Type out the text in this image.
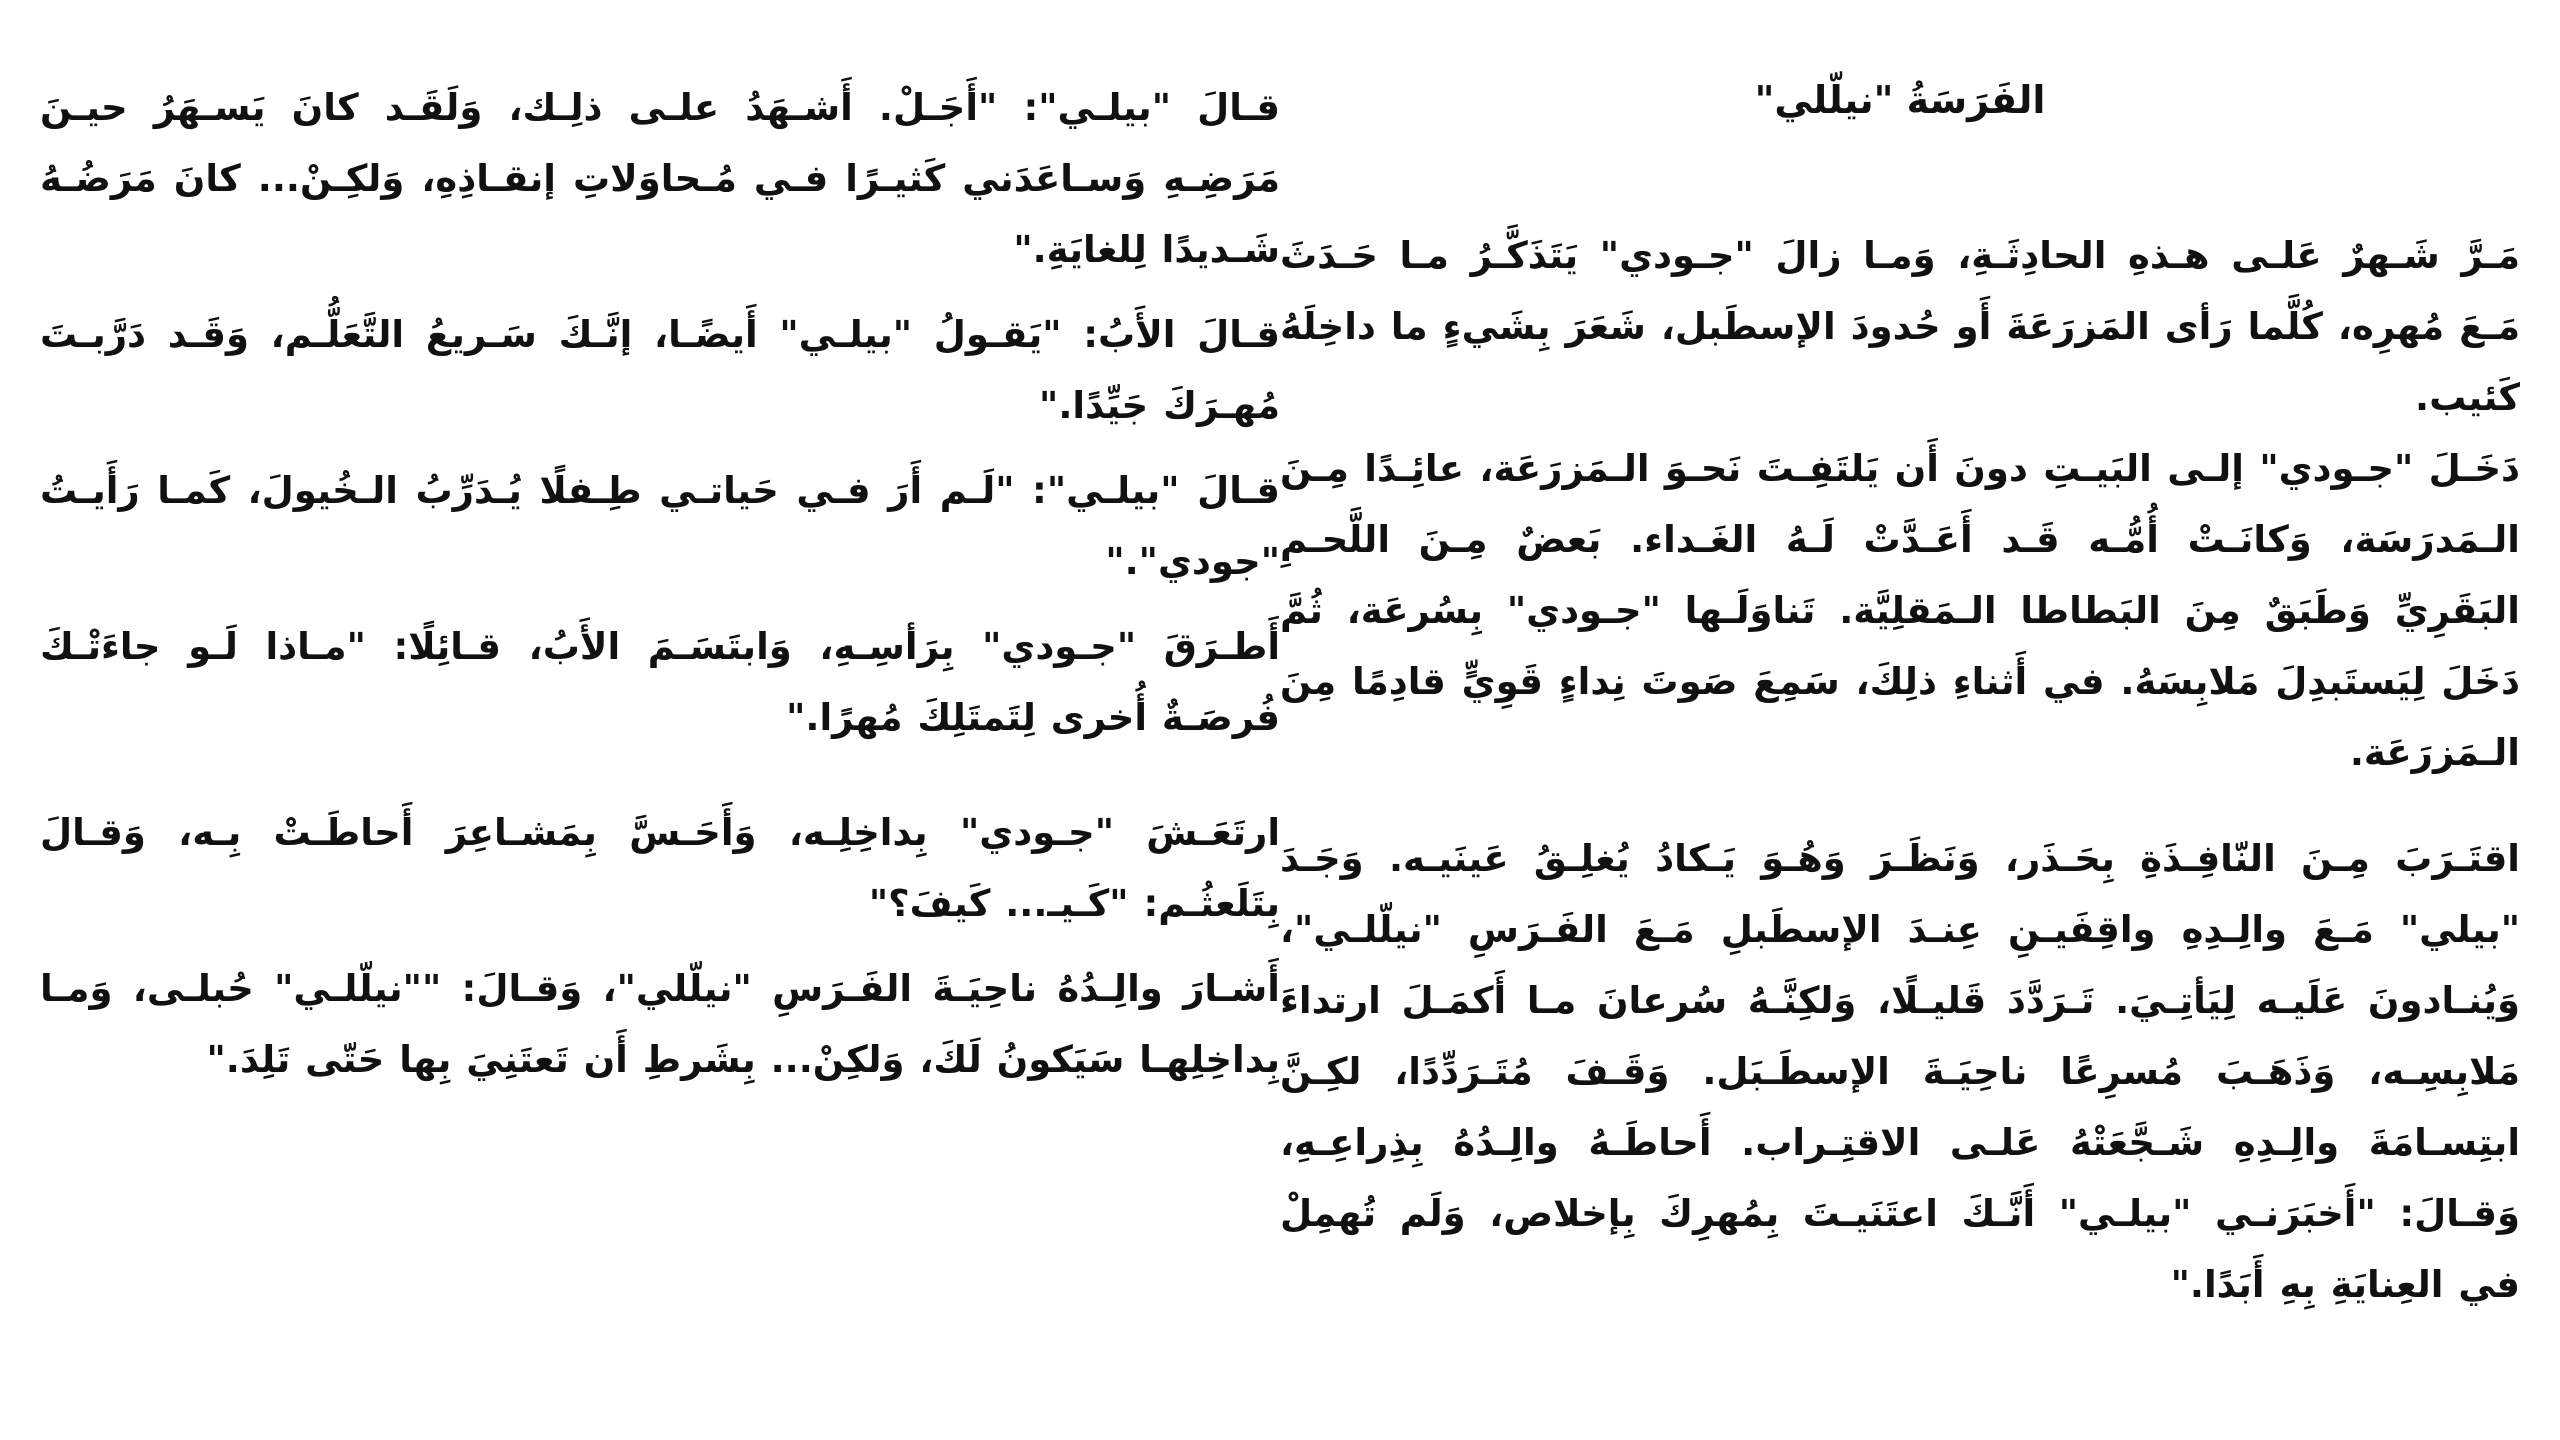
الفَرَسَةُ "نيلّلي"

مَـرَّ شَـهرٌ عَلـى هـذهِ الحادِثَـةِ، وَمـا زالَ "جـودي" يَتَذَكَّـرُ مـا حَـدَثَ مَـعَ مُهرِه، كُلَّما رَأى المَزرَعَةَ أَو حُدودَ الإسطَبل، شَعَرَ بِشَيءٍ ما داخِلَهُ كَئيب.

دَخَـلَ "جـودي" إلـى البَيـتِ دونَ أَن يَلتَفِـتَ نَحـوَ الـمَزرَعَة، عائِـدًا مِـنَ الـمَدرَسَة، وَكانَـتْ أُمُّـه قَـد أَعَـدَّتْ لَـهُ الغَـداء. بَعضٌ مِـنَ اللَّحـمِ البَقَرِيِّ وَطَبَقٌ مِنَ البَطاطا الـمَقلِيَّة. تَناوَلَـها "جـودي" بِسُرعَة، ثُمَّ دَخَلَ لِيَستَبدِلَ مَلابِسَهُ. في أَثناءِ ذلِكَ، سَمِعَ صَوتَ نِداءٍ قَوِيٍّ قادِمًا مِنَ الـمَزرَعَة.

اقتَـرَبَ مِـنَ النّافِـذَةِ بِحَـذَر، وَنَظَـرَ وَهُـوَ يَـكادُ يُغلِـقُ عَينَيـه. وَجَـدَ "بيلي" مَـعَ والِـدِهِ واقِفَيـنِ عِنـدَ الإسطَبلِ مَـعَ الفَـرَسِ "نيلّلـي"، وَيُنـادونَ عَلَيـه لِيَأتِـيَ. تَـرَدَّدَ قَليـلًا، وَلكِنَّـهُ سُرعانَ مـا أَكمَـلَ ارتداءَ مَلابِسِـه، وَذَهَـبَ مُسرِعًا ناحِيَـةَ الإسطَـبَل. وَقَـفَ مُتَـرَدِّدًا، لكِـنَّ ابتِسـامَةَ والِـدِهِ شَـجَّعَتْهُ عَلـى الاقتِـراب. أَحاطَـهُ والِـدُهُ بِذِراعِـهِ، وَقـالَ: "أَخبَرَنـي "بيلـي" أَنَّـكَ اعتَنَيـتَ بِمُهرِكَ بِإخلاص، وَلَم تُهمِلْ في العِنايَةِ بِهِ أَبَدًا."

قـالَ "بيلـي": "أَجَـلْ. أَشـهَدُ علـى ذلِـك، وَلَقَـد كانَ يَسـهَرُ حيـنَ مَرَضِـهِ وَسـاعَدَني كَثيـرًا فـي مُـحاوَلاتِ إنقـاذِهِ، وَلكِـنْ... كانَ مَرَضُـهُ شَـديدًا لِلغايَةِ."

قـالَ الأَبُ: "يَقـولُ "بيلـي" أَيضًـا، إنَّـكَ سَـريعُ التَّعَلُّـم، وَقَـد دَرَّبـتَ مُهـرَكَ جَيِّدًا."

قـالَ "بيلـي": "لَـم أَرَ فـي حَياتـي طِـفلًا يُـدَرِّبُ الـخُيولَ، كَمـا رَأَيـتُ "جودي"."

أَطـرَقَ "جـودي" بِرَأسِـهِ، وَابتَسَـمَ الأَبُ، قـائِلًا: "مـاذا لَـو جاءَتْـكَ فُرصَـةٌ أُخرى لِتَمتَلِكَ مُهرًا."

ارتَعَـشَ "جـودي" بِداخِلِـه، وَأَحَـسَّ بِمَشـاعِرَ أَحاطَـتْ بِـه، وَقـالَ بِتَلَعثُـم: "كَـيـ... كَيفَ؟"

أَشـارَ والِـدُهُ ناحِيَـةَ الفَـرَسِ "نيلّلي"، وَقـالَ: ""نيلّلـي" حُبلـى، وَمـا بِداخِلِهـا سَيَكونُ لَكَ، وَلكِنْ... بِشَرطِ أَن تَعتَنِيَ بِها حَتّى تَلِدَ."
